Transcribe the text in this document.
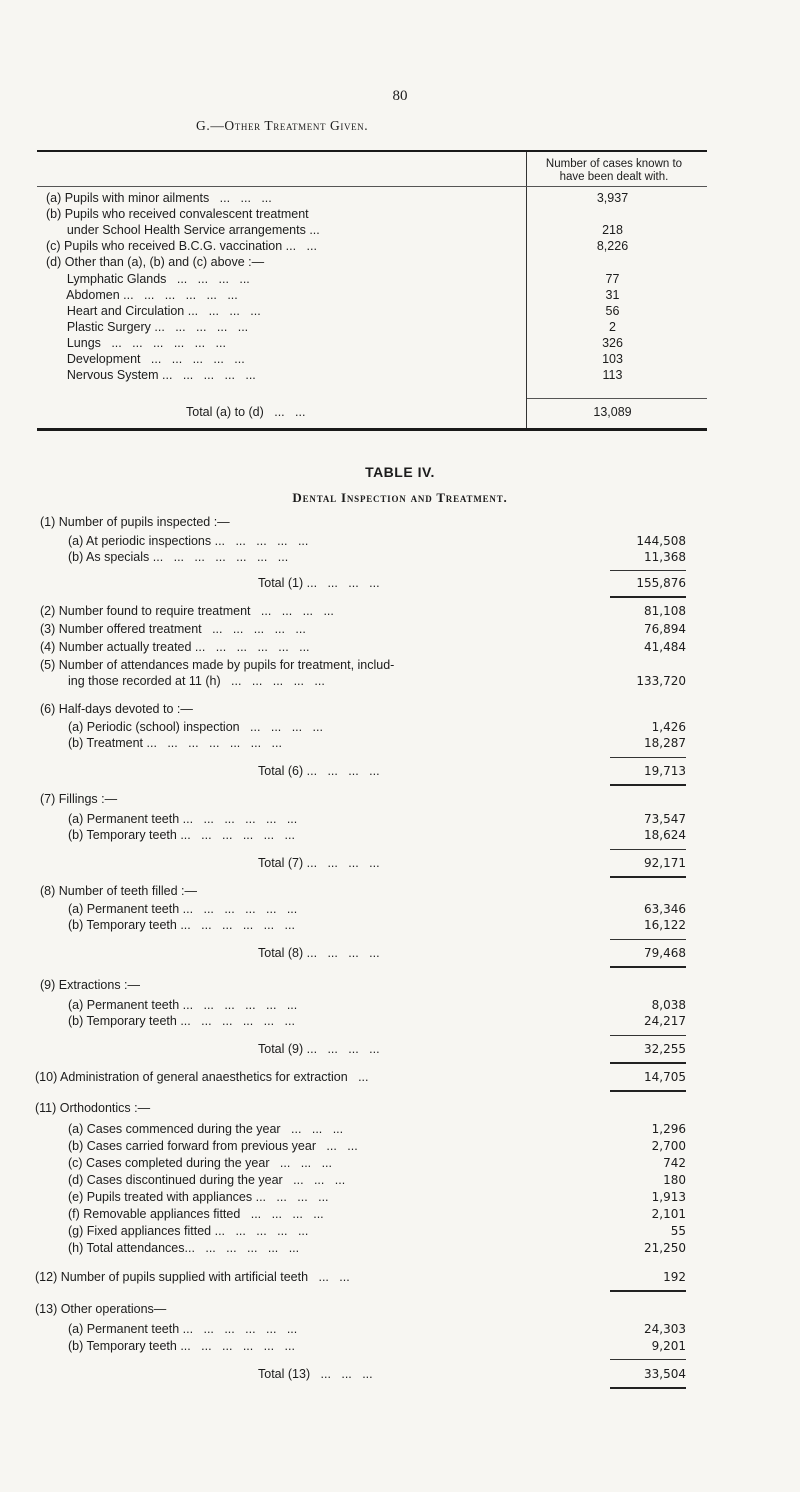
80
G.—Other Treatment Given.
Number of cases known to have been dealt with.
(a) Pupils with minor ailments   ...   ...   ...	3,937
(b) Pupils who received convalescent treatment
under School Health Service arrangements ...	218
(c) Pupils who received B.C.G. vaccination ...   ...	8,226
(d) Other than (a), (b) and (c) above :—
Lymphatic Glands   ...   ...   ...   ...	77
Abdomen ...   ...   ...   ...   ...   ...	31
Heart and Circulation ...   ...   ...   ...	56
Plastic Surgery ...   ...   ...   ...   ...	2
Lungs   ...   ...   ...   ...   ...   ...	326
Development   ...   ...   ...   ...   ...	103
Nervous System ...   ...   ...   ...   ...	113
Total (a) to (d)   ...   ...	13,089
TABLE IV.
Dental Inspection and Treatment.
(1) Number of pupils inspected :—
(a) At periodic inspections ...   ...   ...   ...   ...	144,508
(b) As specials ...   ...   ...   ...   ...   ...   ...	11,368
Total (1) ...   ...   ...   ...	155,876
(2) Number found to require treatment   ...   ...   ...   ...	81,108
(3) Number offered treatment   ...   ...   ...   ...   ...	76,894
(4) Number actually treated ...   ...   ...   ...   ...   ...	41,484
(5) Number of attendances made by pupils for treatment, includ-
ing those recorded at 11 (h)   ...   ...   ...   ...   ...	133,720
(6) Half-days devoted to :—
(a) Periodic (school) inspection   ...   ...   ...   ...	1,426
(b) Treatment ...   ...   ...   ...   ...   ...   ...	18,287
Total (6) ...   ...   ...   ...	19,713
(7) Fillings :—
(a) Permanent teeth ...   ...   ...   ...   ...   ...	73,547
(b) Temporary teeth ...   ...   ...   ...   ...   ...	18,624
Total (7) ...   ...   ...   ...	92,171
(8) Number of teeth filled :—
(a) Permanent teeth ...   ...   ...   ...   ...   ...	63,346
(b) Temporary teeth ...   ...   ...   ...   ...   ...	16,122
Total (8) ...   ...   ...   ...	79,468
(9) Extractions :—
(a) Permanent teeth ...   ...   ...   ...   ...   ...	8,038
(b) Temporary teeth ...   ...   ...   ...   ...   ...	24,217
Total (9) ...   ...   ...   ...	32,255
(10) Administration of general anaesthetics for extraction   ...	14,705
(11) Orthodontics :—
(a) Cases commenced during the year   ...   ...   ...	1,296
(b) Cases carried forward from previous year   ...   ...	2,700
(c) Cases completed during the year   ...   ...   ...	742
(d) Cases discontinued during the year   ...   ...   ...	180
(e) Pupils treated with appliances ...   ...   ...   ...	1,913
(f) Removable appliances fitted   ...   ...   ...   ...	2,101
(g) Fixed appliances fitted ...   ...   ...   ...   ...	55
(h) Total attendances...   ...   ...   ...   ...   ...	21,250
(12) Number of pupils supplied with artificial teeth   ...   ...	192
(13) Other operations—
(a) Permanent teeth ...   ...   ...   ...   ...   ...	24,303
(b) Temporary teeth ...   ...   ...   ...   ...   ...	9,201
Total (13)   ...   ...   ...	33,504
